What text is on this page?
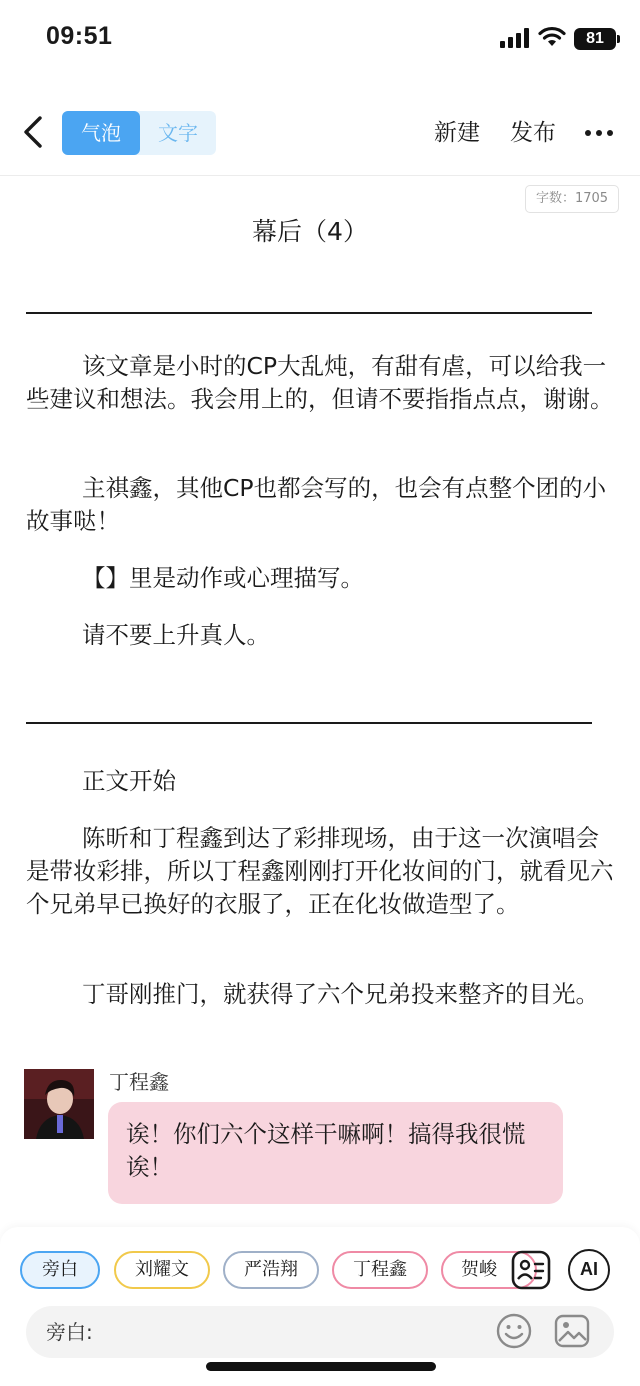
09:51	81
气泡	文字	新建 发布
字数：1705
幕后（4）
该文章是小时的CP大乱炖，有甜有虐，可以给我一些建议和想法。我会用上的，但请不要指指点点，谢谢。
主祺鑫，其他CP也都会写的，也会有点整个团的小故事哒！
【】里是动作或心理描写。
请不要上升真人。
正文开始
陈昕和丁程鑫到达了彩排现场，由于这一次演唱会是带妆彩排，所以丁程鑫刚刚打开化妆间的门，就看见六个兄弟早已换好的衣服了，正在化妆做造型了。
丁哥刚推门，就获得了六个兄弟投来整齐的目光。
丁程鑫
诶！你们六个这样干嘛啊！搞得我很慌诶！
旁白	刘耀文	严浩翔	丁程鑫	贺峻	AI
旁白:
